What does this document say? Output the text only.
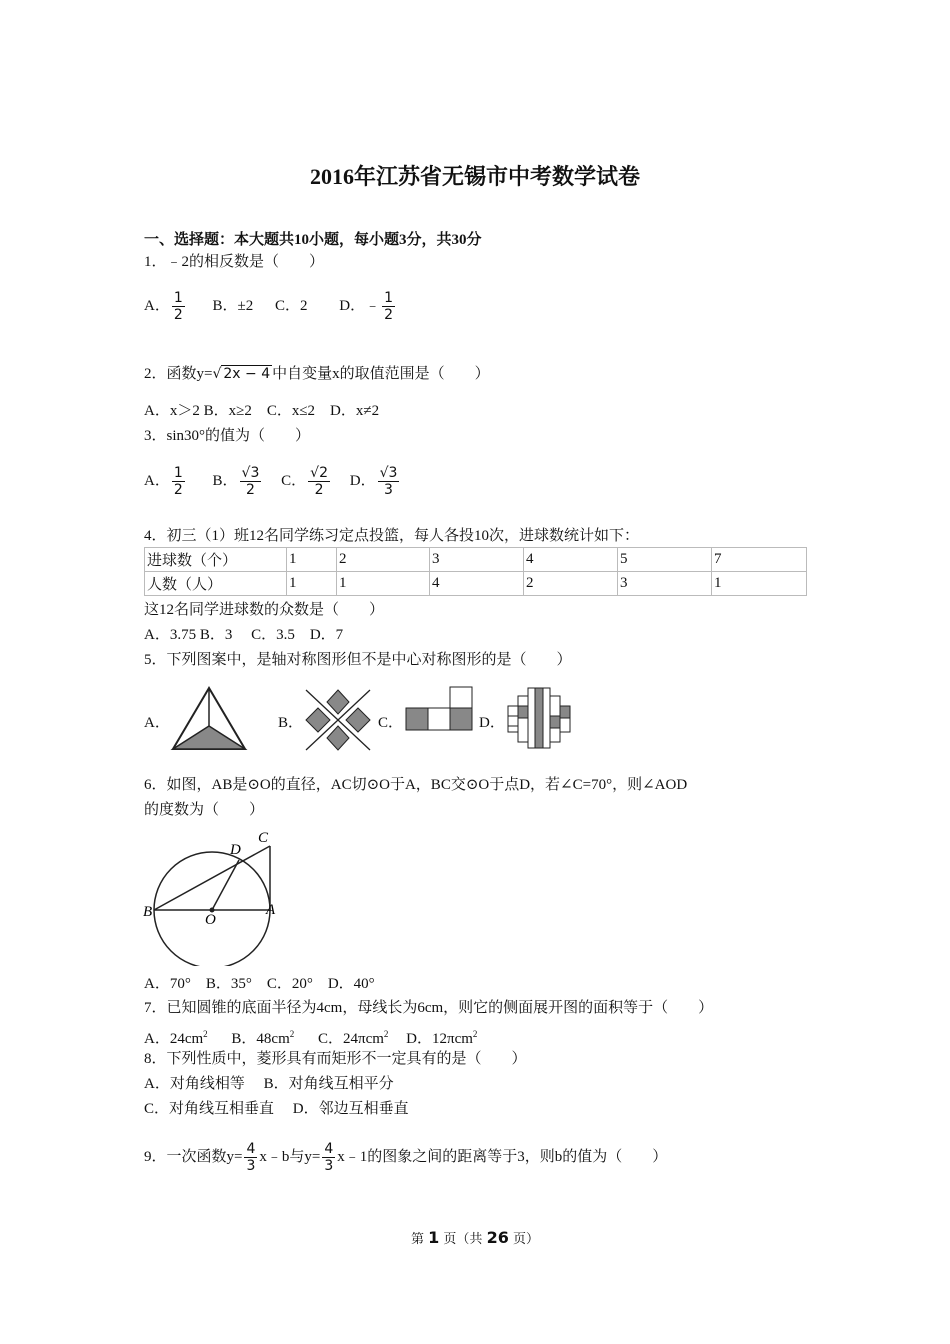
2016年江苏省无锡市中考数学试卷
一、选择题：本大题共10小题，每小题3分，共30分
1．﹣2的相反数是（　　）
A． $\frac{1}{2}$ B．±2 C．2 D．﹣ $\frac{1}{2}$
2．函数y=√ 2x − 4 中自变量x的取值范围是（　　）
A．x＞2 B．x≥2　C．x≤2　D．x≠2
3．sin30°的值为（　　）
A． $\frac{1}{2}$ B． $\frac{√3}{2}$ C． $\frac{√2}{2}$ D． $\frac{√3}{3}$
4．初三（1）班12名同学练习定点投篮，每人各投10次，进球数统计如下：
进球数（个）	1	2	3	4	5	7
人数（人）	1	1	4	2	3	1
这12名同学进球数的众数是（　　）
A．3.75 B．3　 C．3.5　D．7
5．下列图案中，是轴对称图形但不是中心对称图形的是（　　）
A．	B．	C．	D．
6．如图，AB是⊙O的直径，AC切⊙O于A，BC交⊙O于点D，若∠C=70°，则∠AOD
的度数为（　　）
C
D
B	A
O
A．70°　B．35°　C．20°　D．40°
7．已知圆锥的底面半径为4cm，母线长为6cm，则它的侧面展开图的面积等于（　　）
A．$24cm^2$ B．$48cm^2$ C．24πcm$^2$ D．12πcm$^2$
8．下列性质中，菱形具有而矩形不一定具有的是（　　）
A．对角线相等　 B．对角线互相平分
C．对角线互相垂直　 D．邻边互相垂直
9．一次函数$y= \frac{4}{3}$ x﹣b与$y= \frac{4}{3}$ x﹣1的图象之间的距离等于3，则b的值为（　　）
第 1 页（共 26 页）
